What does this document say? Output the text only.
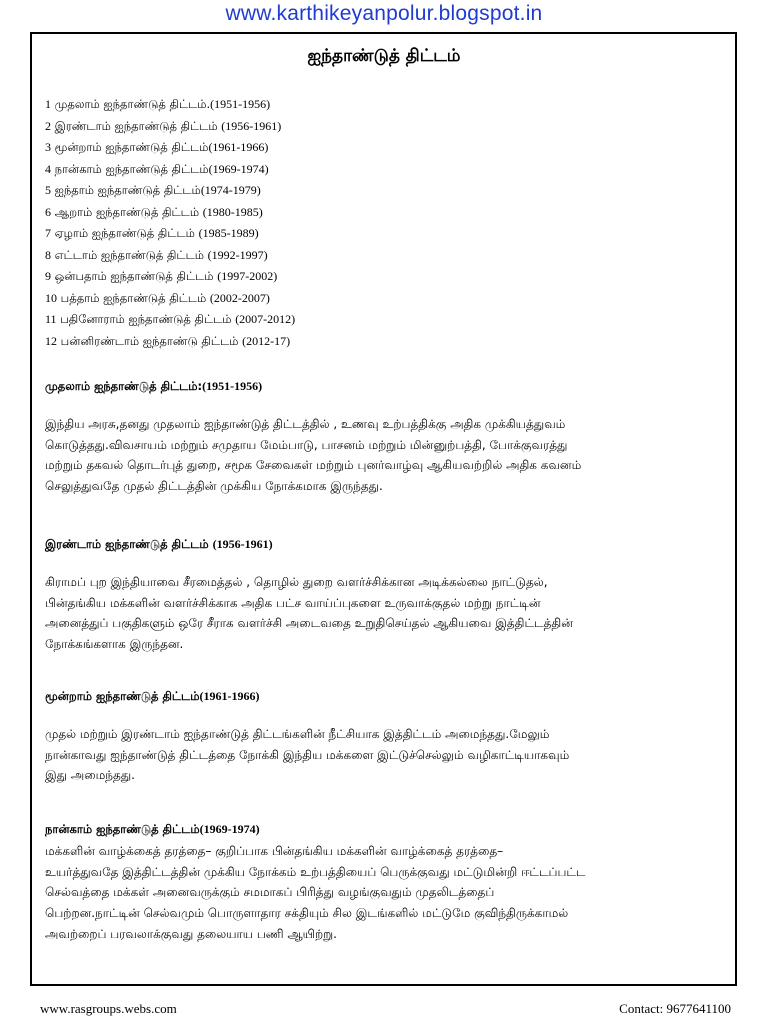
www.karthikeyanpolur.blogspot.in
ஐந்தாண்டுத் திட்டம்
1 முதலாம் ஐந்தாண்டுத் திட்டம்.(1951-1956)
2 இரண்டாம் ஐந்தாண்டுத் திட்டம் (1956-1961)
3 மூன்றாம் ஐந்தாண்டுத் திட்டம்(1961-1966)
4 நான்காம் ஐந்தாண்டுத் திட்டம்(1969-1974)
5 ஐந்தாம் ஐந்தாண்டுத் திட்டம்(1974-1979)
6 ஆறாம் ஐந்தாண்டுத் திட்டம் (1980-1985)
7 ஏழாம் ஐந்தாண்டுத் திட்டம் (1985-1989)
8 எட்டாம் ஐந்தாண்டுத் திட்டம் (1992-1997)
9 ஒன்பதாம் ஐந்தாண்டுத் திட்டம் (1997-2002)
10 பத்தாம் ஐந்தாண்டுத் திட்டம் (2002-2007)
11 பதினோராம் ஐந்தாண்டுத் திட்டம் (2007-2012)
12 பன்னிரண்டாம் ஐந்தாண்டு திட்டம் (2012-17)
முதலாம் ஐந்தாண்டுத் திட்டம்:(1951-1956)
இந்திய அரசு,தனது முதலாம் ஐந்தாண்டுத் திட்டத்தில் , உணவு உற்பத்திக்கு அதிக முக்கியத்துவம்
கொடுத்தது.விவசாயம் மற்றும் சமுதாய மேம்பாடு, பாசனம் மற்றும் மின்னுற்பத்தி, போக்குவரத்து
மற்றும் தகவல் தொடர்புத் துறை, சமூக சேவைகள் மற்றும் புனர்வாழ்வு ஆகியவற்றில் அதிக கவனம்
செலுத்துவதே முதல் திட்டத்தின் முக்கிய நோக்கமாக இருந்தது.
இரண்டாம் ஐந்தாண்டுத் திட்டம் (1956-1961)
கிராமப் புற இந்தியாவை சீரமைத்தல் , தொழில் துறை வளர்ச்சிக்கான அடிக்கல்லை நாட்டுதல்,
பின்தங்கிய மக்களின் வளர்ச்சிக்காக அதிக பட்ச வாய்ப்புகளை உருவாக்குதல் மற்று நாட்டின்
அனைத்துப் பகுதிகளும் ஒரே சீராக வளர்ச்சி அடைவதை உறுதிசெய்தல் ஆகியவை இத்திட்டத்தின்
நோக்கங்களாக இருந்தன.
மூன்றாம் ஐந்தாண்டுத் திட்டம்(1961-1966)
முதல் மற்றும் இரண்டாம் ஐந்தாண்டுத் திட்டங்களின் நீட்சியாக இத்திட்டம் அமைந்தது.மேலும்
நான்காவது ஐந்தாண்டுத் திட்டத்தை நோக்கி இந்திய மக்களை இட்டுச்செல்லும் வழிகாட்டியாகவும்
இது அமைந்தது.
நான்காம் ஐந்தாண்டுத் திட்டம்(1969-1974)
மக்களின் வாழ்க்கைத் தரத்தை– குறிப்பாக பின்தங்கிய மக்களின் வாழ்க்கைத் தரத்தை–
உயர்த்துவதே இத்திட்டத்தின் முக்கிய நோக்கம் உற்பத்தியைப் பெருக்குவது மட்டுமின்றி ஈட்டப்பட்ட
செல்வத்தை மக்கள் அனைவருக்கும் சமமாகப் பிரித்து வழங்குவதும் முதலிடத்தைப்
பெற்றன.நாட்டின் செல்வமும் பொருளாதார சக்தியும் சில இடங்களில் மட்டுமே குவிந்திருக்காமல்
அவற்றைப் பரவலாக்குவது தலையாய பணி ஆயிற்று.
www.rasgroups.webs.com	Contact: 9677641100
